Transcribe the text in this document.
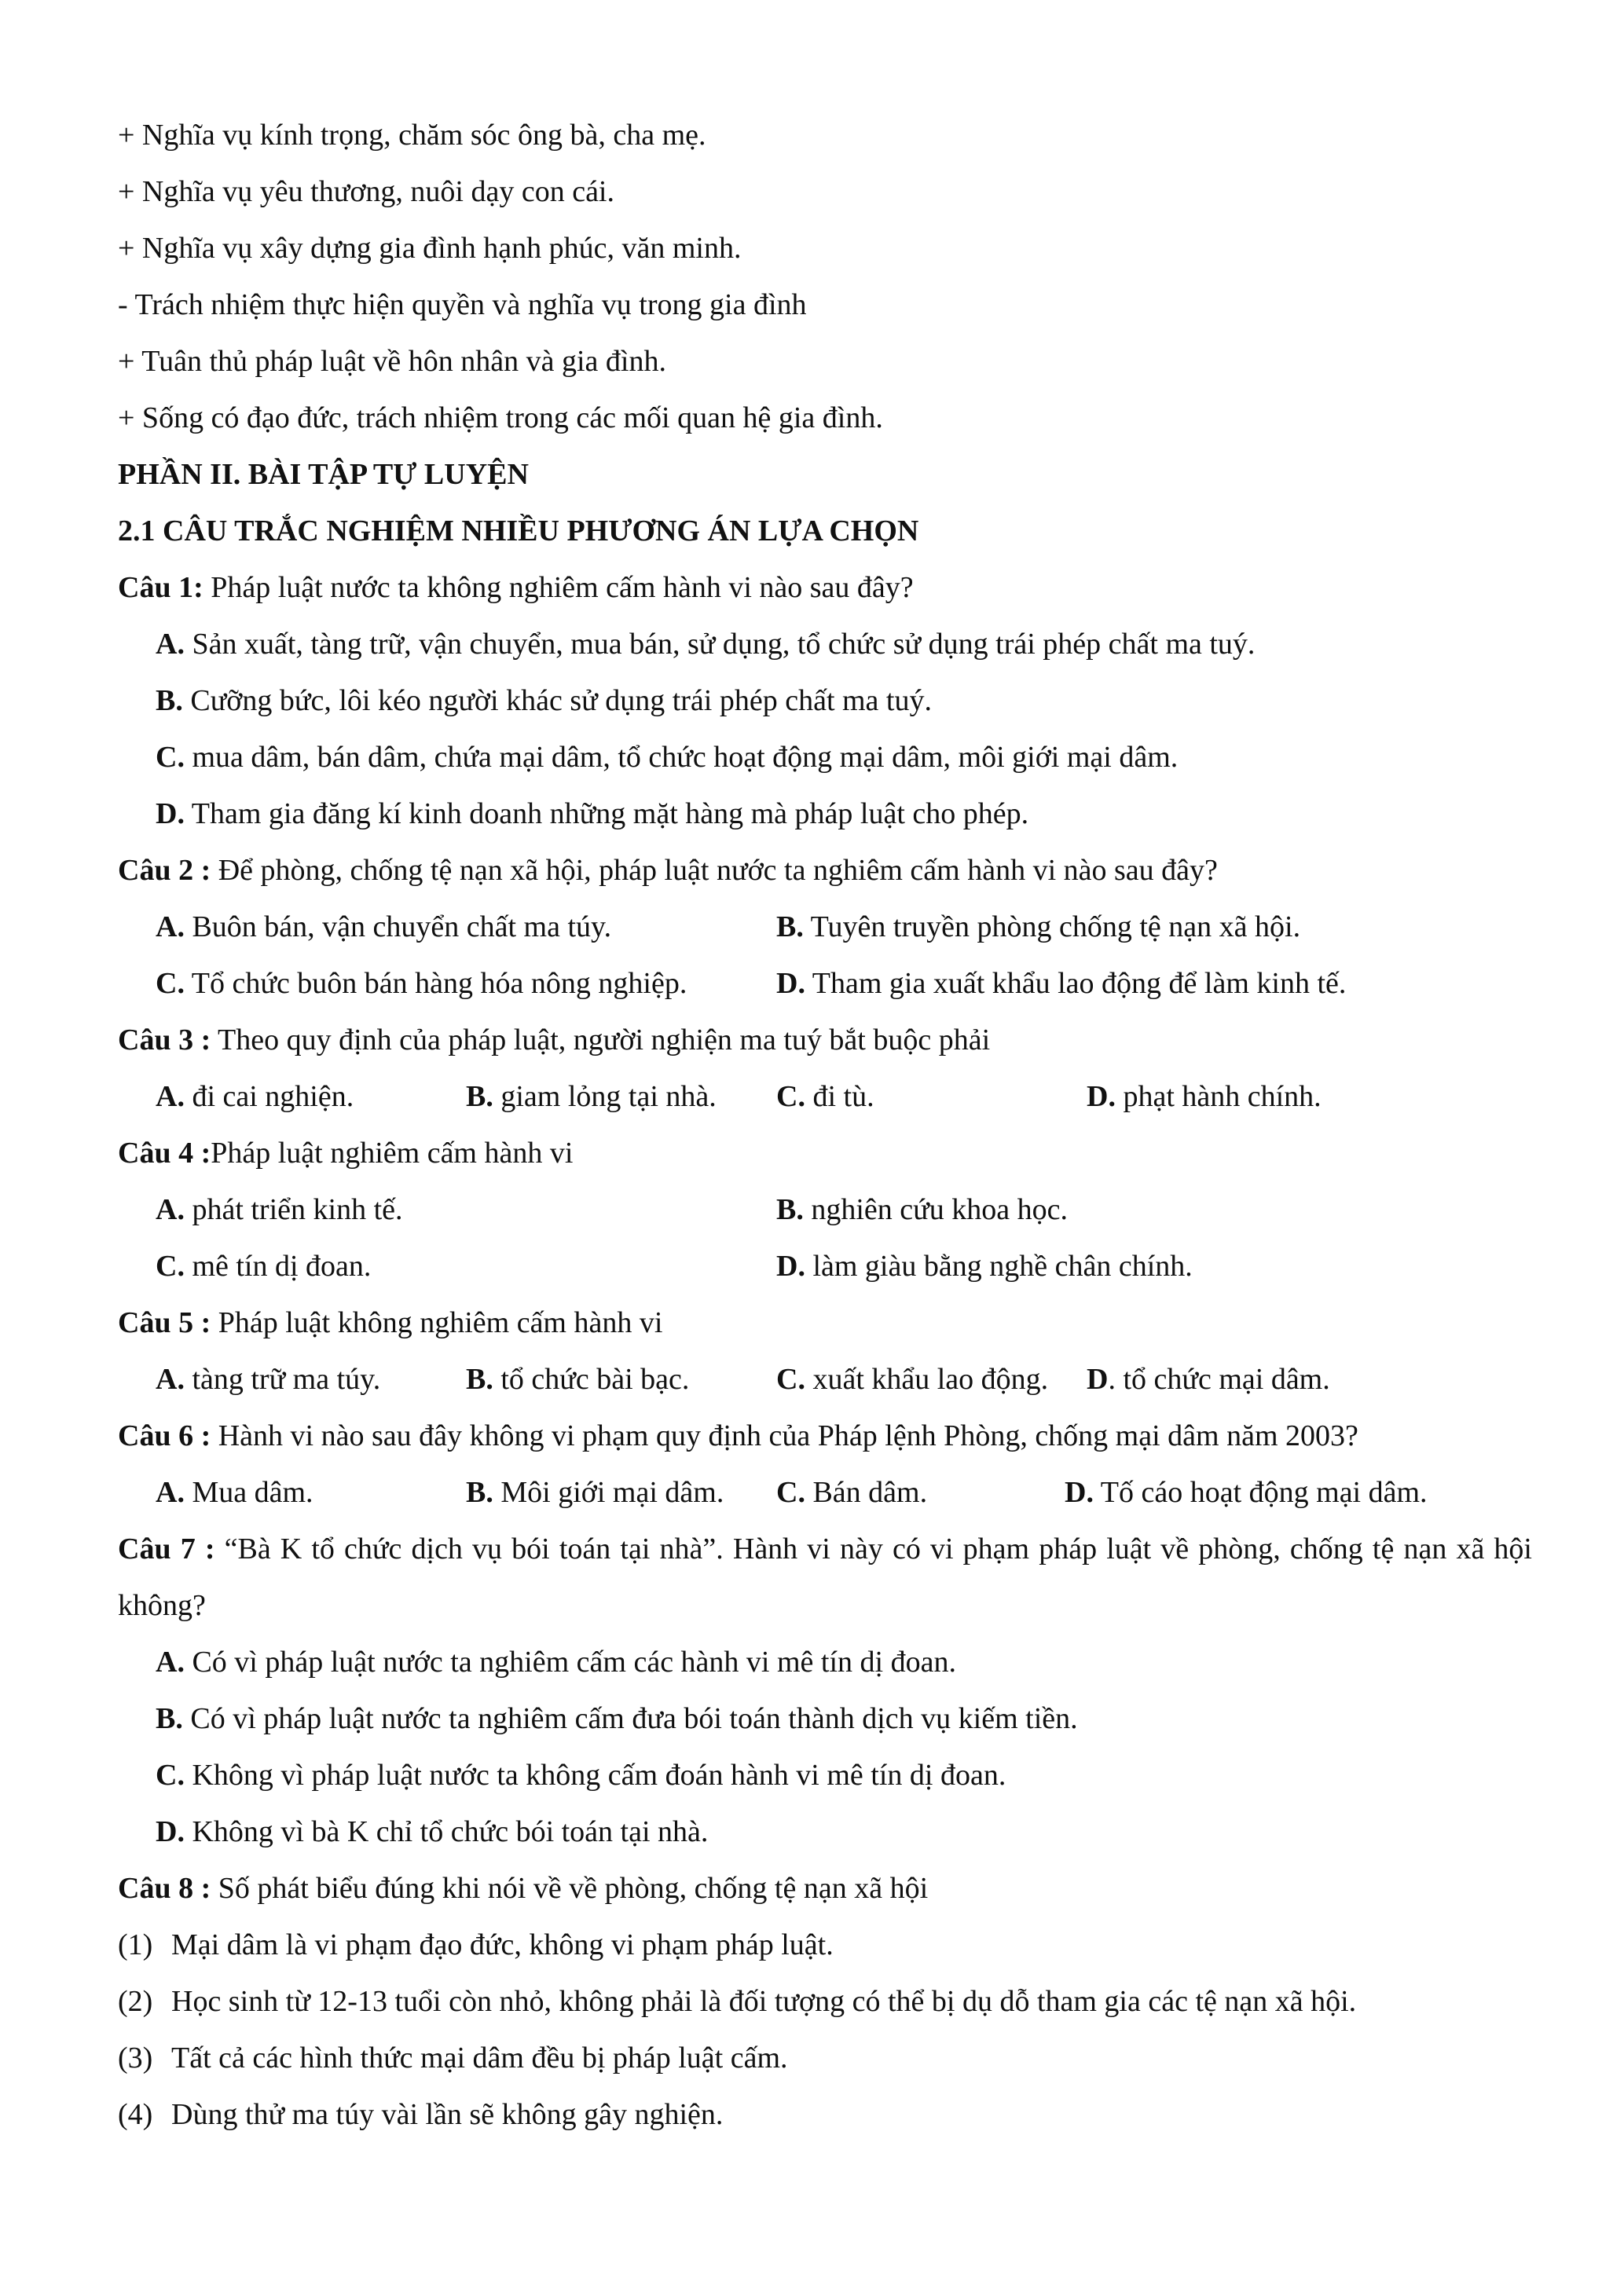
+ Nghĩa vụ kính trọng, chăm sóc ông bà, cha mẹ.
+ Nghĩa vụ yêu thương, nuôi dạy con cái.
+ Nghĩa vụ xây dựng gia đình hạnh phúc, văn minh.
- Trách nhiệm thực hiện quyền và nghĩa vụ trong gia đình
+ Tuân thủ pháp luật về hôn nhân và gia đình.
+ Sống có đạo đức, trách nhiệm trong các mối quan hệ gia đình.
PHẦN II. BÀI TẬP TỰ LUYỆN
2.1 CÂU TRẮC NGHIỆM NHIỀU PHƯƠNG ÁN LỰA CHỌN
Câu 1: Pháp luật nước ta không nghiêm cấm hành vi nào sau đây?
A. Sản xuất, tàng trữ, vận chuyển, mua bán, sử dụng, tổ chức sử dụng trái phép chất ma tuý.
B. Cưỡng bức, lôi kéo người khác sử dụng trái phép chất ma tuý.
C. mua dâm, bán dâm, chứa mại dâm, tổ chức hoạt động mại dâm, môi giới mại dâm.
D. Tham gia đăng kí kinh doanh những mặt hàng mà pháp luật cho phép.
Câu 2 : Để phòng, chống tệ nạn xã hội, pháp luật nước ta nghiêm cấm hành vi nào sau đây?
A. Buôn bán, vận chuyển chất ma túy.	B. Tuyên truyền phòng chống tệ nạn xã hội.
C. Tổ chức buôn bán hàng hóa nông nghiệp.	D. Tham gia xuất khẩu lao động để làm kinh tế.
Câu 3 : Theo quy định của pháp luật, người nghiện ma tuý bắt buộc phải
A. đi cai nghiện.	B. giam lỏng tại nhà. C. đi tù.	D. phạt hành chính.
Câu 4 :Pháp luật nghiêm cấm hành vi
A. phát triển kinh tế.	B. nghiên cứu khoa học.
C. mê tín dị đoan.	D. làm giàu bằng nghề chân chính.
Câu 5 : Pháp luật không nghiêm cấm hành vi
A. tàng trữ ma túy.	B. tổ chức bài bạc.	C. xuất khẩu lao động. D. tổ chức mại dâm.
Câu 6 : Hành vi nào sau đây không vi phạm quy định của Pháp lệnh Phòng, chống mại dâm năm 2003?
A. Mua dâm.	B. Môi giới mại dâm. C. Bán dâm.	D. Tố cáo hoạt động mại dâm.
Câu 7 : “Bà K tổ chức dịch vụ bói toán tại nhà”. Hành vi này có vi phạm pháp luật về phòng, chống tệ nạn xã hội không?
A. Có vì pháp luật nước ta nghiêm cấm các hành vi mê tín dị đoan.
B. Có vì pháp luật nước ta nghiêm cấm đưa bói toán thành dịch vụ kiếm tiền.
C. Không vì pháp luật nước ta không cấm đoán hành vi mê tín dị đoan.
D. Không vì bà K chỉ tổ chức bói toán tại nhà.
Câu 8 : Số phát biểu đúng khi nói về về phòng, chống tệ nạn xã hội
(1) Mại dâm là vi phạm đạo đức, không vi phạm pháp luật.
(2) Học sinh từ 12-13 tuổi còn nhỏ, không phải là đối tượng có thể bị dụ dỗ tham gia các tệ nạn xã hội.
(3) Tất cả các hình thức mại dâm đều bị pháp luật cấm.
(4) Dùng thử ma túy vài lần sẽ không gây nghiện.
